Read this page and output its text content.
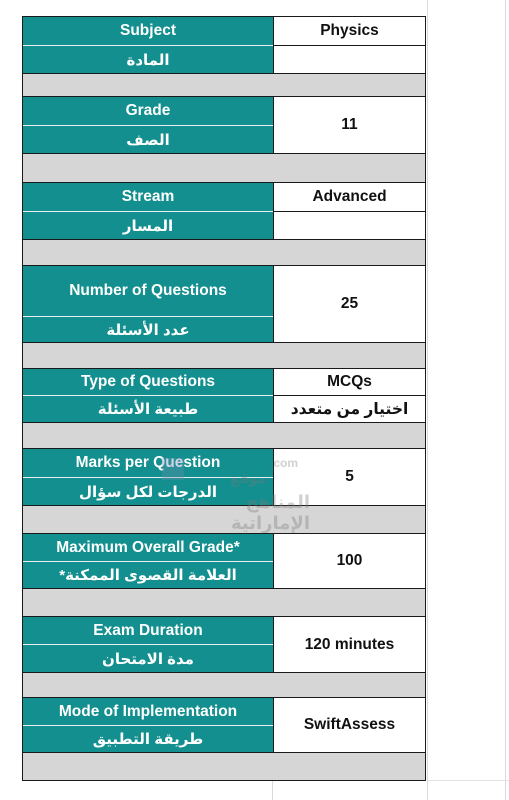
Subject
المادة
Physics
Grade
الصف
11
Stream
المسار
Advanced
Number of Questions
عدد الأسئلة
25
Type of Questions
طبيعة الأسئلة
MCQs
اختيار من متعدد
Marks per Question
الدرجات لكل سؤال
5
Maximum Overall Grade*
العلامة القصوى الممكنة*
100
Exam Duration
مدة الامتحان
120 minutes
Mode of Implementation
طريقة التطبيق
SwiftAssess
.com
موقع
المناهج الإماراتية
